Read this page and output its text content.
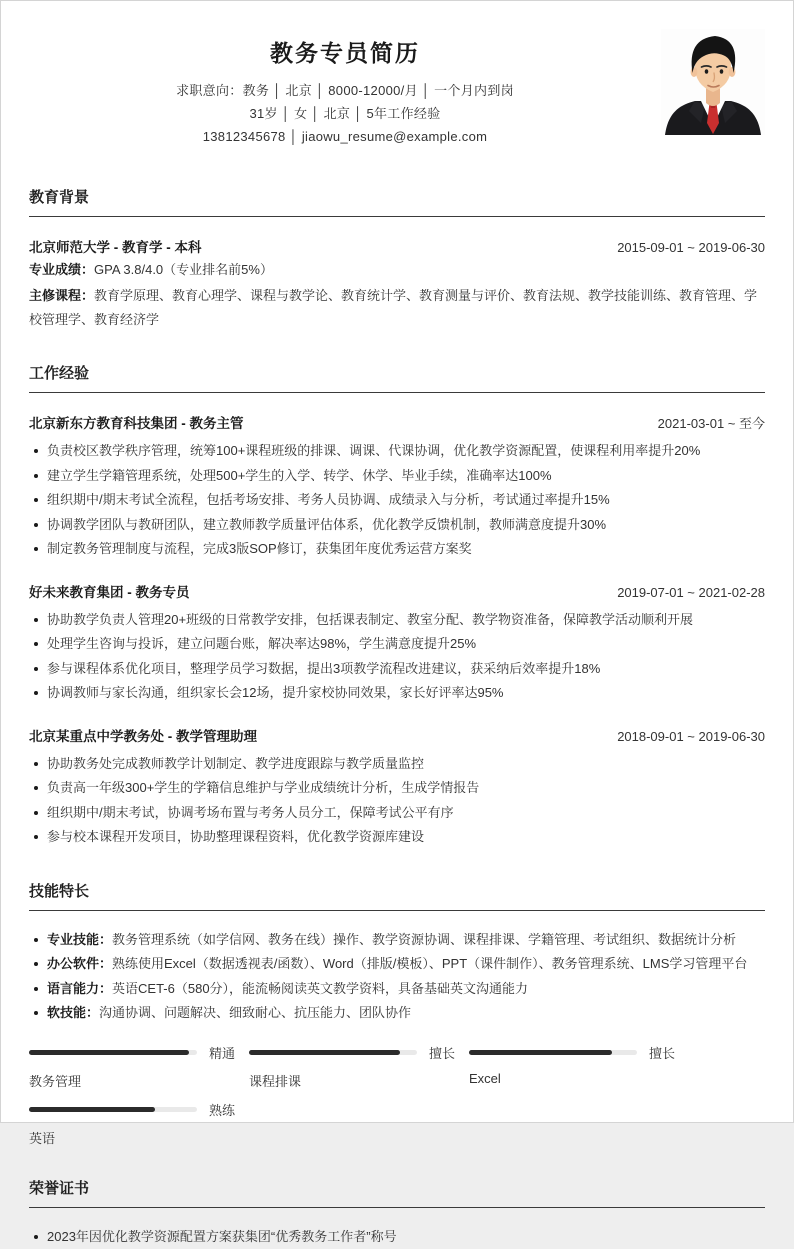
教务专员简历

求职意向：教务 │ 北京 │ 8000-12000/月 │ 一个月内到岗

31岁 │ 女 │ 北京 │ 5年工作经验

13812345678 │ jiaowu_resume@example.com

教育背景
北京师范大学 - 教育学 - 本科	2015-09-01 ~ 2019-06-30

专业成绩：GPA 3.8/4.0（专业排名前5%）

主修课程：教育学原理、教育心理学、课程与教学论、教育统计学、教育测量与评价、教育法规、教学技能训练、教育管理、学校管理学、教育经济学

工作经验
北京新东方教育科技集团 - 教务主管	2021-03-01 ~ 至今
负责校区教学秩序管理，统筹100+课程班级的排课、调课、代课协调，优化教学资源配置，使课程利用率提升20%
建立学生学籍管理系统，处理500+学生的入学、转学、休学、毕业手续，准确率达100%
组织期中/期末考试全流程，包括考场安排、考务人员协调、成绩录入与分析，考试通过率提升15%
协调教学团队与教研团队，建立教师教学质量评估体系，优化教学反馈机制，教师满意度提升30%
制定教务管理制度与流程，完成3版SOP修订，获集团年度优秀运营方案奖
好未来教育集团 - 教务专员	2019-07-01 ~ 2021-02-28
协助教学负责人管理20+班级的日常教学安排，包括课表制定、教室分配、教学物资准备，保障教学活动顺利开展
处理学生咨询与投诉，建立问题台账，解决率达98%，学生满意度提升25%
参与课程体系优化项目，整理学员学习数据，提出3项教学流程改进建议，获采纳后效率提升18%
协调教师与家长沟通，组织家长会12场，提升家校协同效果，家长好评率达95%
北京某重点中学教务处 - 教学管理助理	2018-09-01 ~ 2019-06-30
协助教务处完成教师教学计划制定、教学进度跟踪与教学质量监控
负责高一年级300+学生的学籍信息维护与学业成绩统计分析，生成学情报告
组织期中/期末考试，协调考场布置与考务人员分工，保障考试公平有序
参与校本课程开发项目，协助整理课程资料，优化教学资源库建设
技能特长
专业技能：教务管理系统（如学信网、教务在线）操作、教学资源协调、课程排课、学籍管理、考试组织、数据统计分析
办公软件：熟练使用Excel（数据透视表/函数）、Word（排版/模板）、PPT（课件制作）、教务管理系统、LMS学习管理平台
语言能力：英语CET-6（580分），能流畅阅读英文教学资料，具备基础英文沟通能力
软技能：沟通协调、问题解决、细致耐心、抗压能力、团队协作
精通
教务管理
擅长
课程排课
擅长
Excel
熟练
英语
荣誉证书
2023年因优化教学资源配置方案获集团“优秀教务工作者”称号
